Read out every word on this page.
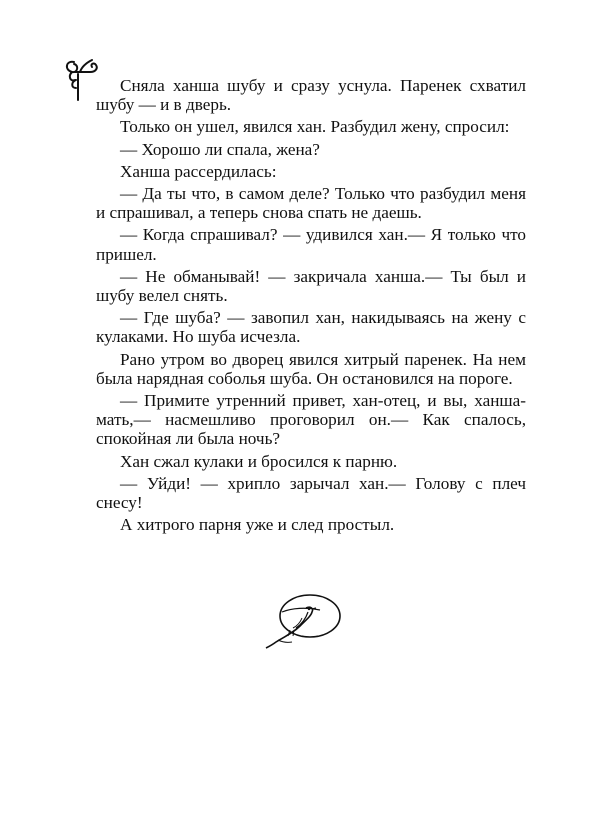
Сняла ханша шубу и сразу уснула. Паренек схватил шубу — и в дверь.

Только он ушел, явился хан. Разбудил жену, спросил:

— Хорошо ли спала, жена?

Ханша рассердилась:

— Да ты что, в самом деле? Только что разбудил меня и спрашивал, а теперь снова спать не даешь.

— Когда спрашивал? — удивился хан.— Я только что пришел.

— Не обманывай! — закричала ханша.— Ты был и шубу велел снять.

— Где шуба? — завопил хан, накидываясь на жену с кулаками. Но шуба исчезла.

Рано утром во дворец явился хитрый паренек. На нем была нарядная соболья шуба. Он остановился на пороге.

— Примите утренний привет, хан-отец, и вы, ханша-мать,— насмешливо проговорил он.— Как спалось, спокойная ли была ночь?

Хан сжал кулаки и бросился к парню.

— Уйди! — хрипло зарычал хан.— Голову с плеч снесу!

А хитрого парня уже и след простыл.
